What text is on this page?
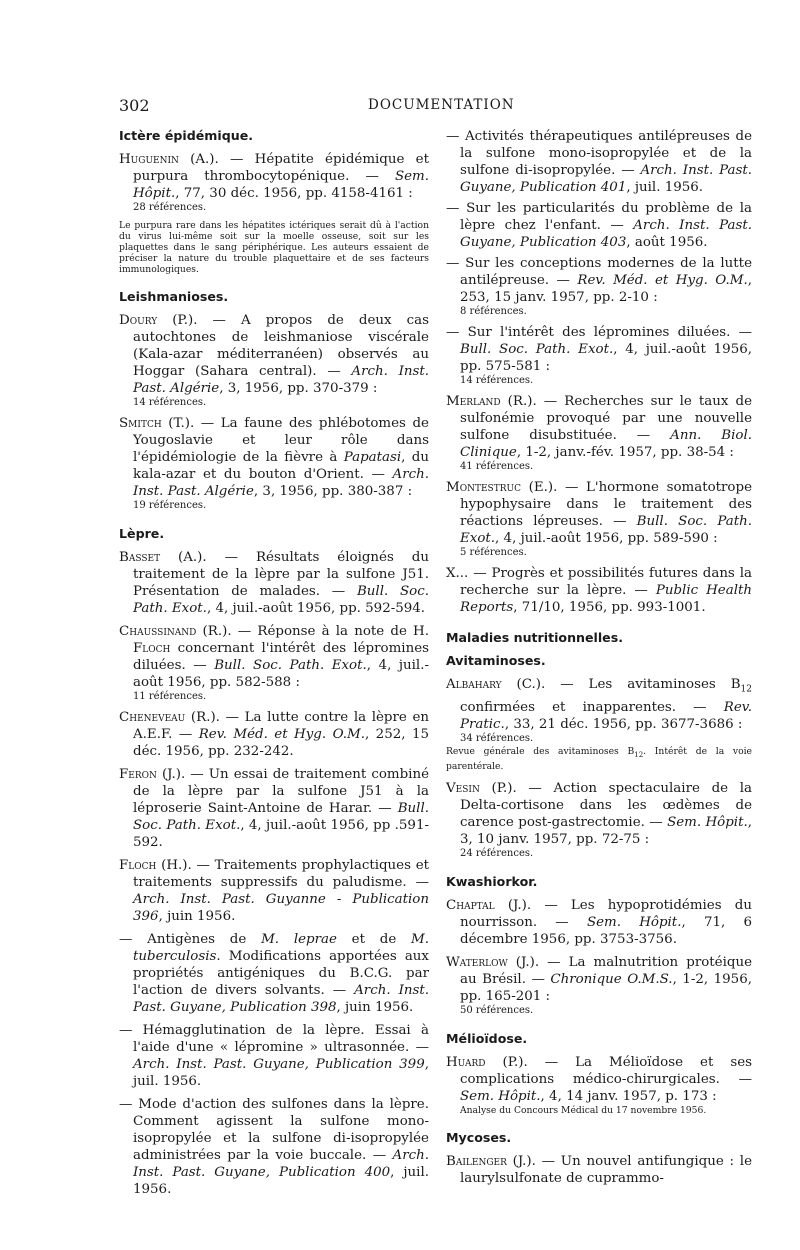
302	DOCUMENTATION

Ictère épidémique.

Huguenin (A.). — Hépatite épidémique et purpura thrombocytopénique. — Sem. Hôpit., 77, 30 déc. 1956, pp. 4158-4161 :

28 références.

Le purpura rare dans les hépatites ictériques serait dû à l'action du virus lui-même soit sur la moelle osseuse, soit sur les plaquettes dans le sang périphérique. Les auteurs essaient de préciser la nature du trouble plaquettaire et de ses facteurs immunologiques.

Leishmanioses.

Doury (P.). — A propos de deux cas autochtones de leishmaniose viscérale (Kala-azar méditerranéen) observés au Hoggar (Sahara central). — Arch. Inst. Past. Algérie, 3, 1956, pp. 370-379 :

14 références.

Smitch (T.). — La faune des phlébotomes de Yougoslavie et leur rôle dans l'épidémiologie de la fièvre à Papatasi, du kala-azar et du bouton d'Orient. — Arch. Inst. Past. Algérie, 3, 1956, pp. 380-387 :

19 références.

Lèpre.

Basset (A.). — Résultats éloignés du traitement de la lèpre par la sulfone J51. Présentation de malades. — Bull. Soc. Path. Exot., 4, juil.-août 1956, pp. 592-594.

Chaussinand (R.). — Réponse à la note de H. Floch concernant l'intérêt des lépromines diluées. — Bull. Soc. Path. Exot., 4, juil.-août 1956, pp. 582-588 :

11 références.

Cheneveau (R.). — La lutte contre la lèpre en A.E.F. — Rev. Méd. et Hyg. O.M., 252, 15 déc. 1956, pp. 232-242.

Feron (J.). — Un essai de traitement combiné de la lèpre par la sulfone J51 à la léproserie Saint-Antoine de Harar. — Bull. Soc. Path. Exot., 4, juil.-août 1956, pp .591-592.

Floch (H.). — Traitements prophylactiques et traitements suppressifs du paludisme. — Arch. Inst. Past. Guyanne - Publication 396, juin 1956.

— Antigènes de M. leprae et de M. tuberculosis. Modifications apportées aux propriétés antigéniques du B.C.G. par l'action de divers solvants. — Arch. Inst. Past. Guyane, Publication 398, juin 1956.

— Hémagglutination de la lèpre. Essai à l'aide d'une « lépromine » ultrasonnée. — Arch. Inst. Past. Guyane, Publication 399, juil. 1956.

— Mode d'action des sulfones dans la lèpre. Comment agissent la sulfone mono-isopropylée et la sulfone di-isopropylée administrées par la voie buccale. — Arch. Inst. Past. Guyane, Publication 400, juil. 1956.

— Activités thérapeutiques antilépreuses de la sulfone mono-isopropylée et de la sulfone di-isopropylée. — Arch. Inst. Past. Guyane, Publication 401, juil. 1956.

— Sur les particularités du problème de la lèpre chez l'enfant. — Arch. Inst. Past. Guyane, Publication 403, août 1956.

— Sur les conceptions modernes de la lutte antilépreuse. — Rev. Méd. et Hyg. O.M., 253, 15 janv. 1957, pp. 2-10 :

8 références.

— Sur l'intérêt des lépromines diluées. — Bull. Soc. Path. Exot., 4, juil.-août 1956, pp. 575-581 :

14 références.

Merland (R.). — Recherches sur le taux de sulfonémie provoqué par une nouvelle sulfone disubstituée. — Ann. Biol. Clinique, 1-2, janv.-fév. 1957, pp. 38-54 :

41 références.

Montestruc (E.). — L'hormone somatotrope hypophysaire dans le traitement des réactions lépreuses. — Bull. Soc. Path. Exot., 4, juil.-août 1956, pp. 589-590 :

5 références.

X... — Progrès et possibilités futures dans la recherche sur la lèpre. — Public Health Reports, 71/10, 1956, pp. 993-1001.

Maladies nutritionnelles.

Avitaminoses.

Albahary (C.). — Les avitaminoses $B_{12}$ confirmées et inapparentes. — Rev. Pratic., 33, 21 déc. 1956, pp. 3677-3686 :

34 références.

Revue générale des avitaminoses $B_{12}$. Intérêt de la voie parentérale.

Vesin (P.). — Action spectaculaire de la Delta-cortisone dans les œdèmes de carence post-gastrectomie. — Sem. Hôpit., 3, 10 janv. 1957, pp. 72-75 :

24 références.

Kwashiorkor.

Chaptal (J.). — Les hypoprotidémies du nourrisson. — Sem. Hôpit., 71, 6 décembre 1956, pp. 3753-3756.

Waterlow (J.). — La malnutrition protéique au Brésil. — Chronique O.M.S., 1-2, 1956, pp. 165-201 :

50 références.

Mélioïdose.

Huard (P.). — La Mélioïdose et ses complications médico-chirurgicales. — Sem. Hôpit., 4, 14 janv. 1957, p. 173 :

Analyse du Concours Médical du 17 novembre 1956.

Mycoses.

Bailenger (J.). — Un nouvel antifungique : le laurylsulfonate de cuprammo-
